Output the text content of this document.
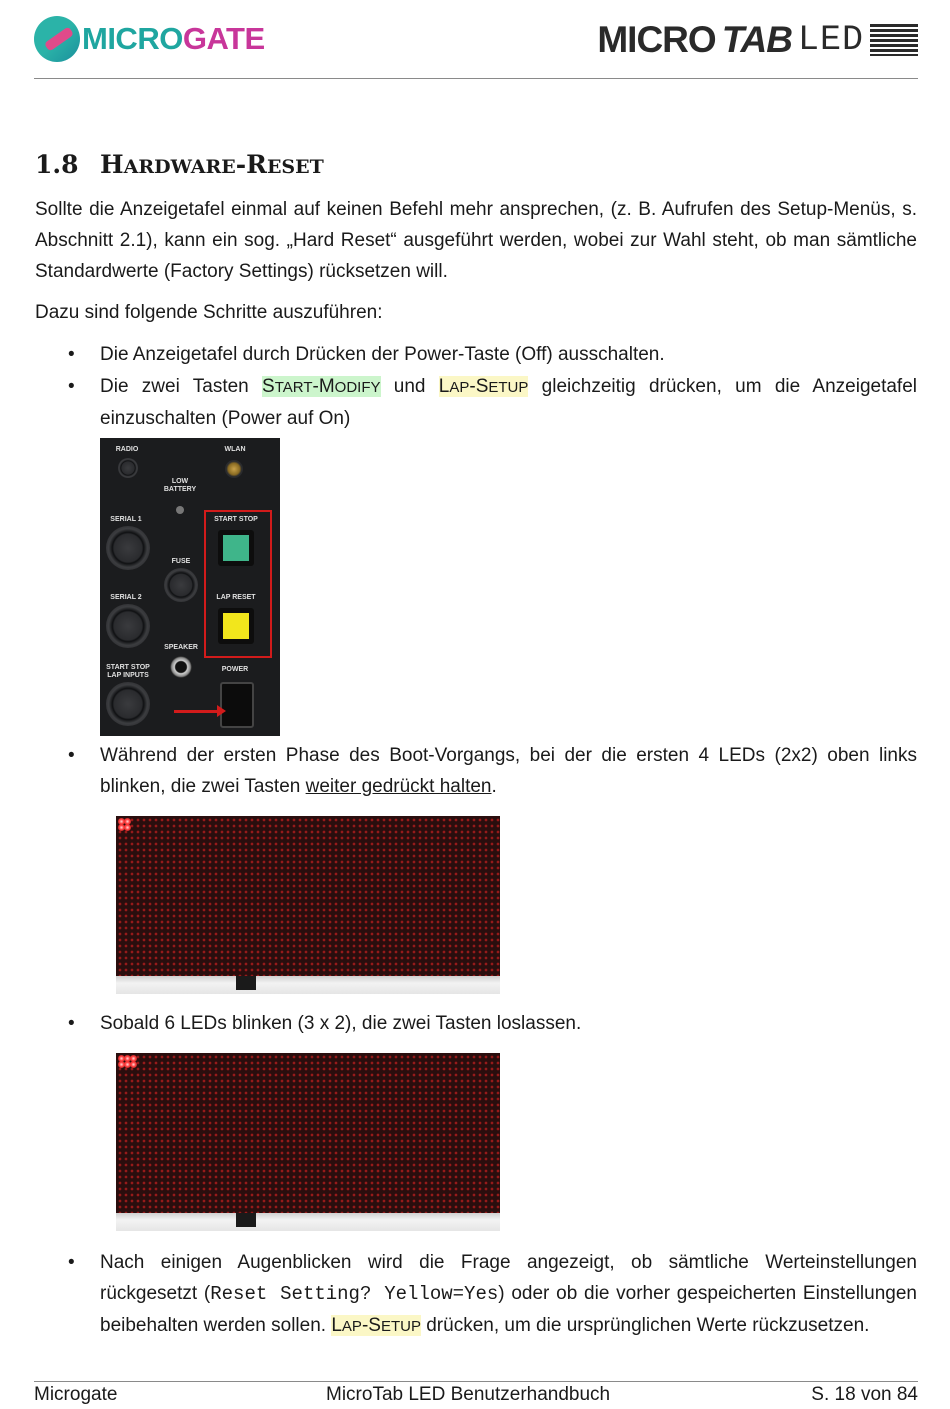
MICROGATE	MICRO TAB LED
1.8 HARDWARE-RESET

Sollte die Anzeigetafel einmal auf keinen Befehl mehr ansprechen, (z. B. Aufrufen des Setup-Menüs, s. Abschnitt 2.1), kann ein sog. „Hard Reset“ ausgeführt werden, wobei zur Wahl steht, ob man sämtliche Standardwerte (Factory Settings) rücksetzen will.

Dazu sind folgende Schritte auszuführen:

• Die Anzeigetafel durch Drücken der Power-Taste (Off) ausschalten.
• Die zwei Tasten START-MODIFY und LAP-SETUP gleichzeitig drücken, um die Anzeigetafel einzuschalten (Power auf On)
RADIO	WLAN
LOW BATTERY
SERIAL 1	START STOP
FUSE
SERIAL 2	LAP RESET
SPEAKER
START STOP LAP INPUTS
POWER
• Während der ersten Phase des Boot-Vorgangs, bei der die ersten 4 LEDs (2x2) oben links blinken, die zwei Tasten weiter gedrückt halten.
• Sobald 6 LEDs blinken (3 x 2), die zwei Tasten loslassen.
• Nach einigen Augenblicken wird die Frage angezeigt, ob sämtliche Werteinstellungen rückgesetzt (Reset Setting? Yellow=Yes) oder ob die vorher gespeicherten Einstellungen beibehalten werden sollen. LAP-SETUP drücken, um die ursprünglichen Werte rückzusetzen.
Microgate	MicroTab LED Benutzerhandbuch	S. 18 von 84
